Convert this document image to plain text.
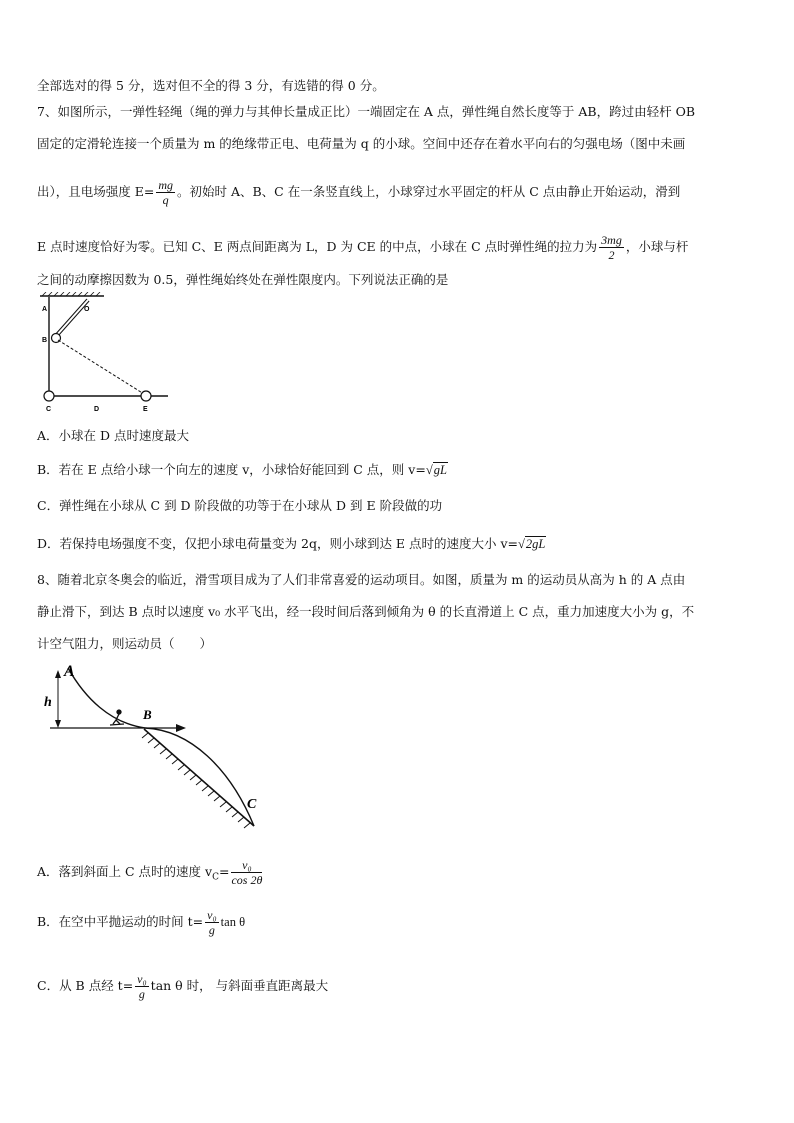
全部选对的得 5 分，选对但不全的得 3 分，有选错的得 0 分。
7、如图所示，一弹性轻绳（绳的弹力与其伸长量成正比）一端固定在 A 点，弹性绳自然长度等于 AB，跨过由轻杆 OB
固定的定滑轮连接一个质量为 m 的绝缘带正电、电荷量为 q 的小球。空间中还存在着水平向右的匀强电场（图中未画
出），且电场强度 $E= \frac{mg}{q}$ 。初始时 A、B、C 在一条竖直线上，小球穿过水平固定的杆从 C 点由静止开始运动，滑到
E 点时速度恰好为零。已知 C、E 两点间距离为 L，D 为 CE 的中点，小球在 C 点时弹性绳的拉力为 $\frac{3mg}{2}$ ，小球与杆
之间的动摩擦因数为 0.5，弹性绳始终处在弹性限度内。下列说法正确的是
A	O
B
C	D	E
A．小球在 D 点时速度最大
B．若在 E 点给小球一个向左的速度 v，小球恰好能回到 C 点，则 v=√gL
C．弹性绳在小球从 C 到 D 阶段做的功等于在小球从 D 到 E 阶段做的功
D．若保持电场强度不变，仅把小球电荷量变为 2q，则小球到达 E 点时的速度大小 v=√2gL
8、随着北京冬奥会的临近，滑雪项目成为了人们非常喜爱的运动项目。如图，质量为 m 的运动员从高为 h 的 A 点由
静止滑下，到达 B 点时以速度 v₀ 水平飞出，经一段时间后落到倾角为 θ 的长直滑道上 C 点，重力加速度大小为 g，不
计空气阻力，则运动员（　　）
A
h
B
C
A．落到斜面上 C 点时的速度 $v_C= \frac{\text{v₀}}{\cos 2\theta}$
B．在空中平抛运动的时间 $t= \frac{\text{v₀}}{g}$ tan θ
C．从 B 点经 $t= \frac{\text{v₀}}{g}$ tan θ 时， 与斜面垂直距离最大
